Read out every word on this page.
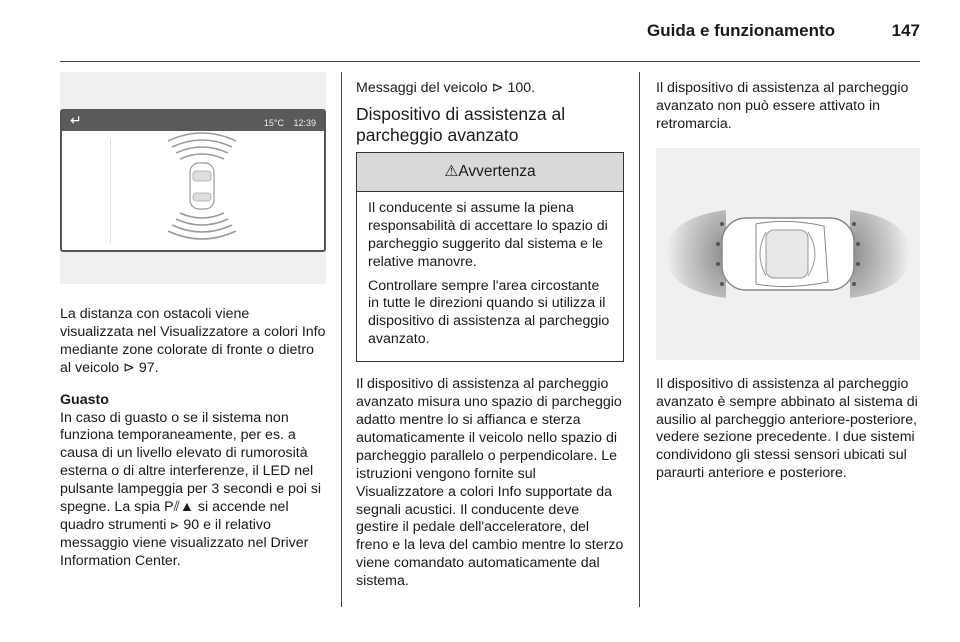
Guida e funzionamento	147
↵	15°C 12:39

La distanza con ostacoli viene visualizzata nel Visualizzatore a colori Info mediante zone colorate di fronte o dietro al veicolo ⊳ 97.

Guasto

In caso di guasto o se il sistema non funziona temporaneamente, per es. a causa di un livello elevato di rumorosità esterna o di altre interferenze, il LED nel pulsante lampeggia per 3 secondi e poi si spegne. La spia P⫽▲ si accende nel quadro strumenti ⊳ 90 e il relativo messaggio viene visualizzato nel Driver Information Center.

Messaggi del veicolo ⊳ 100.

Dispositivo di assistenza al parcheggio avanzato
⚠Avvertenza

Il conducente si assume la piena responsabilità di accettare lo spazio di parcheggio suggerito dal sistema e le relative manovre.

Controllare sempre l'area circostante in tutte le direzioni quando si utilizza il dispositivo di assistenza al parcheggio avanzato.

Il dispositivo di assistenza al parcheggio avanzato misura uno spazio di parcheggio adatto mentre lo si affianca e sterza automaticamente il veicolo nello spazio di parcheggio parallelo o perpendicolare. Le istruzioni vengono fornite sul Visualizzatore a colori Info supportate da segnali acustici. Il conducente deve gestire il pedale dell'acceleratore, del freno e la leva del cambio mentre lo sterzo viene comandato automaticamente dal sistema.

Il dispositivo di assistenza al parcheggio avanzato non può essere attivato in retromarcia.

Il dispositivo di assistenza al parcheggio avanzato è sempre abbinato al sistema di ausilio al parcheggio anteriore-posteriore, vedere sezione precedente. I due sistemi condividono gli stessi sensori ubicati sul paraurti anteriore e posteriore.
